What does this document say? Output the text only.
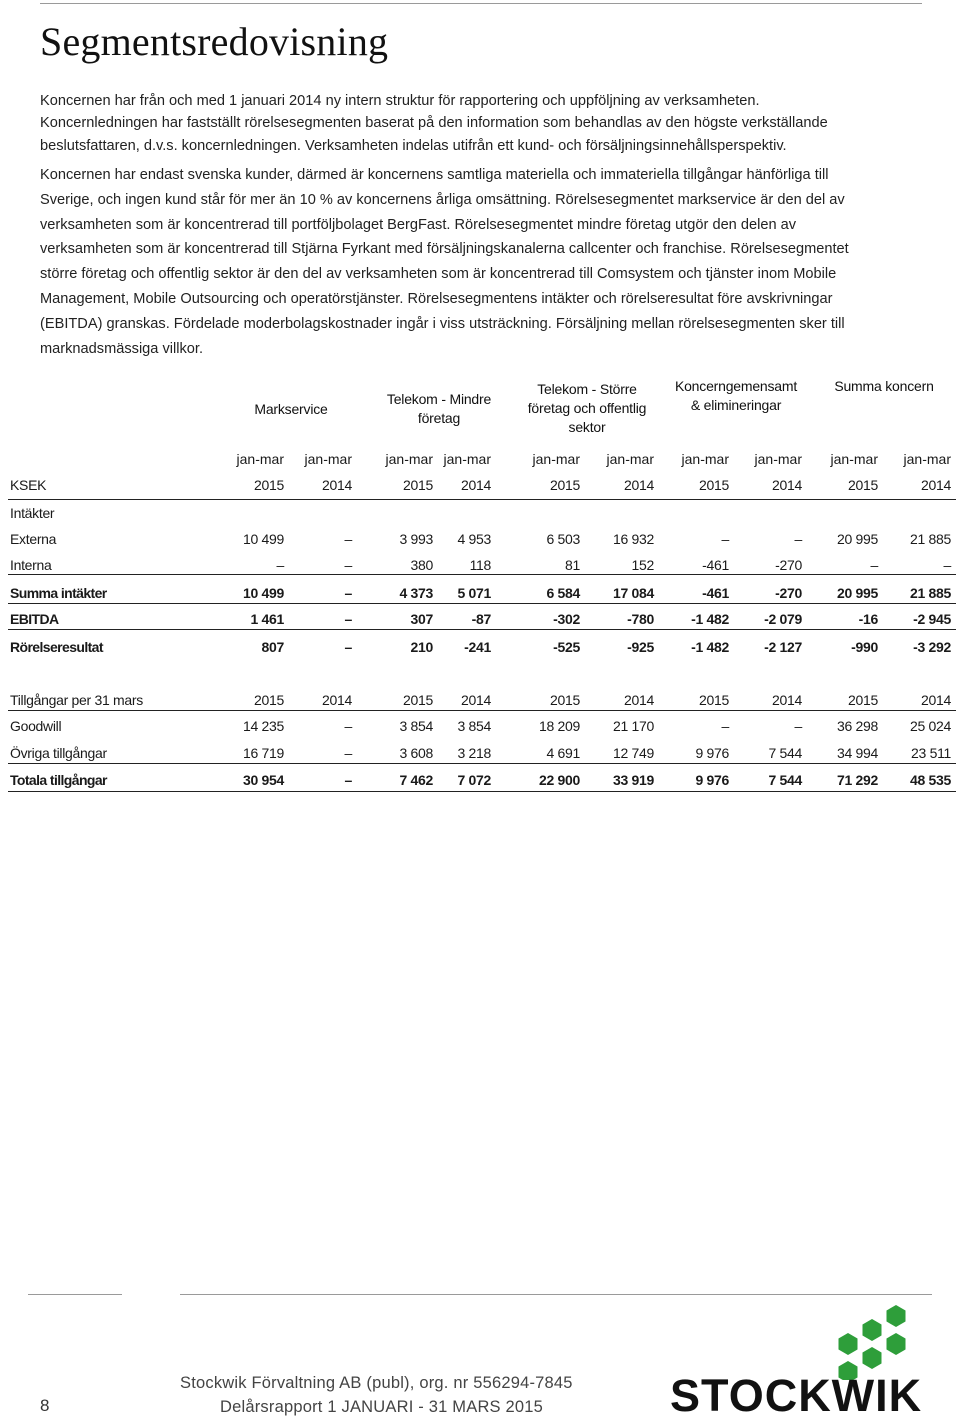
Segmentsredovisning

Koncernen har från och med 1 januari 2014 ny intern struktur för rapportering och uppföljning av verksamheten.

Koncernledningen har fastställt rörelsesegmenten baserat på den information som behandlas av den högste verkställande

beslutsfattaren, d.v.s. koncernledningen. Verksamheten indelas utifrån ett kund- och försäljningsinnehållsperspektiv.

Koncernen har endast svenska kunder, därmed är koncernens samtliga materiella och immateriella tillgångar hänförliga till

Sverige, och ingen kund står för mer än 10 % av koncernens årliga omsättning. Rörelsesegmentet markservice är den del av

verksamheten som är koncentrerad till portföljbolaget BergFast. Rörelsesegmentet mindre företag utgör den delen av

verksamheten som är koncentrerad till Stjärna Fyrkant med försäljningskanalerna callcenter och franchise. Rörelsesegmentet

större företag och offentlig sektor är den del av verksamheten som är koncentrerad till Comsystem och tjänster inom Mobile

Management, Mobile Outsourcing och operatörstjänster. Rörelsesegmentens intäkter och rörelseresultat före avskrivningar

(EBITDA) granskas. Fördelade moderbolagskostnader ingår i viss utsträckning. Försäljning mellan rörelsesegmenten sker till

marknadsmässiga villkor.

Markservice
Telekom - Mindre
företag
Telekom - Större
företag och offentlig
sektor
Koncerngemensamt
& elimineringar
Summa koncern
jan-mar	jan-mar	jan-mar jan-mar	jan-mar	jan-mar	jan-mar	jan-mar	jan-mar	jan-mar
KSEK	2015	2014	2015	2014	2015	2014	2015	2014	2015	2014
Intäkter
Externa	10 499	–	3 993	4 953	6 503	16 932	–	–	20 995	21 885
Interna	–	–	380	118	81	152	-461	-270	–	–
Summa intäkter	10 499	–	4 373	5 071	6 584	17 084	-461	-270	20 995	21 885
EBITDA	1 461	–	307	-87	-302	-780	-1 482	-2 079	-16	-2 945
Rörelseresultat	807	–	210	-241	-525	-925	-1 482	-2 127	-990	-3 292
Tillgångar per 31 mars	2015	2014	2015	2014	2015	2014	2015	2014	2015	2014
Goodwill	14 235	–	3 854	3 854	18 209	21 170	–	–	36 298	25 024
Övriga tillgångar	16 719	–	3 608	3 218	4 691	12 749	9 976	7 544	34 994	23 511
Totala tillgångar	30 954	–	7 462	7 072	22 900	33 919	9 976	7 544	71 292	48 535
8
Stockwik Förvaltning AB (publ), org. nr 556294-7845
Delårsrapport 1 JANUARI - 31 MARS 2015	STOCKWIK
